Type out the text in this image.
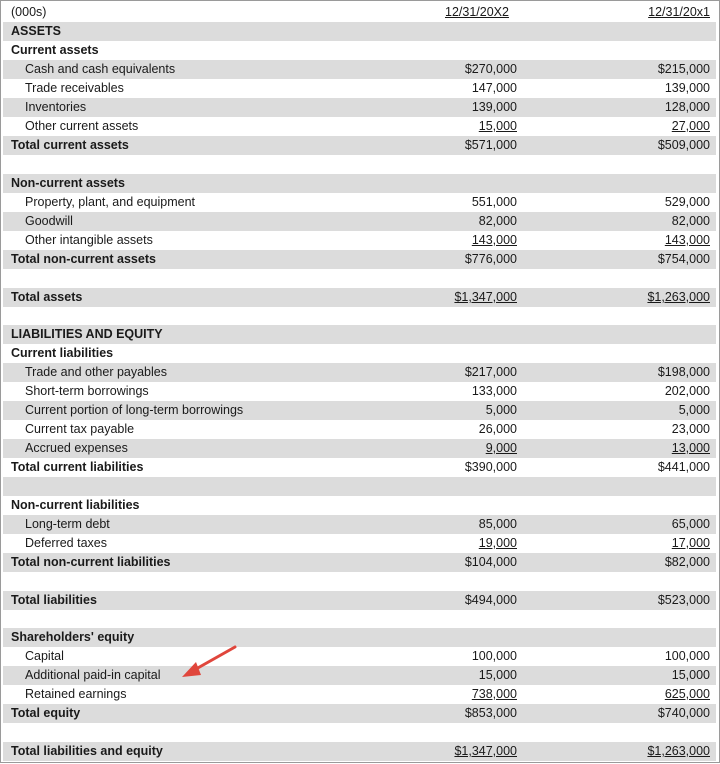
(000s)	12/31/20X2	12/31/20x1
ASSETS
Current assets
Cash and cash equivalents	$270,000	$215,000
Trade receivables	147,000	139,000
Inventories	139,000	128,000
Other current assets	15,000	27,000
Total current assets	$571,000	$509,000
Non-current assets
Property, plant, and equipment	551,000	529,000
Goodwill	82,000	82,000
Other intangible assets	143,000	143,000
Total non-current assets	$776,000	$754,000
Total assets	$1,347,000	$1,263,000
LIABILITIES AND EQUITY
Current liabilities
Trade and other payables	$217,000	$198,000
Short-term borrowings	133,000	202,000
Current portion of long-term borrowings	5,000	5,000
Current tax payable	26,000	23,000
Accrued expenses	9,000	13,000
Total current liabilities	$390,000	$441,000
Non-current liabilities
Long-term debt	85,000	65,000
Deferred taxes	19,000	17,000
Total non-current liabilities	$104,000	$82,000
Total liabilities	$494,000	$523,000
Shareholders' equity
Capital	100,000	100,000
Additional paid-in capital	15,000	15,000
Retained earnings	738,000	625,000
Total equity	$853,000	$740,000
Total liabilities and equity	$1,347,000	$1,263,000
